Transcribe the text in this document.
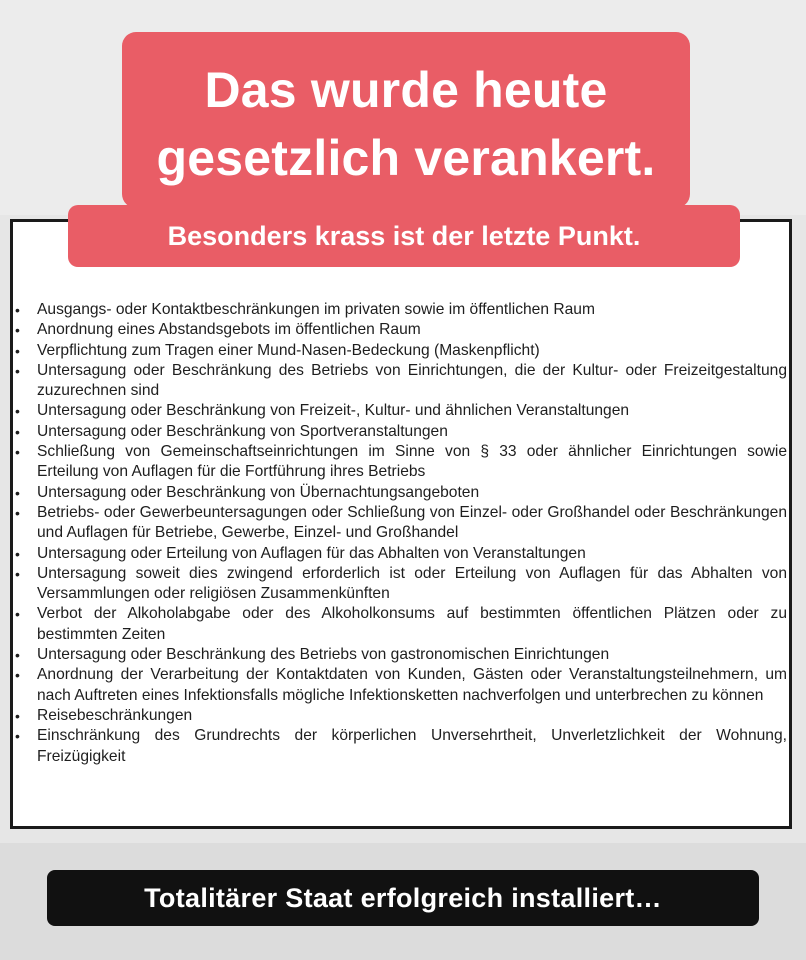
• Ausgangs- oder Kontaktbeschränkungen im privaten sowie im öffentlichen Raum
• Anordnung eines Abstandsgebots im öffentlichen Raum
• Verpflichtung zum Tragen einer Mund-Nasen-Bedeckung (Maskenpflicht)
• Untersagung oder Beschränkung des Betriebs von Einrichtungen, die der Kultur- oder Freizeitgestaltung zuzurechnen sind
• Untersagung oder Beschränkung von Freizeit-, Kultur- und ähnlichen Veranstaltungen
• Untersagung oder Beschränkung von Sportveranstaltungen
• Schließung von Gemeinschaftseinrichtungen im Sinne von § 33 oder ähnlicher Einrichtungen sowie Erteilung von Auflagen für die Fortführung ihres Betriebs
• Untersagung oder Beschränkung von Übernachtungsangeboten
• Betriebs- oder Gewerbeuntersagungen oder Schließung von Einzel- oder Großhandel oder Beschränkungen und Auflagen für Betriebe, Gewerbe, Einzel- und Großhandel
• Untersagung oder Erteilung von Auflagen für das Abhalten von Veranstaltungen
• Untersagung soweit dies zwingend erforderlich ist oder Erteilung von Auflagen für das Abhalten von Versammlungen oder religiösen Zusammenkünften
• Verbot der Alkoholabgabe oder des Alkoholkonsums auf bestimmten öffentlichen Plätzen oder zu bestimmten Zeiten
• Untersagung oder Beschränkung des Betriebs von gastronomischen Einrichtungen
• Anordnung der Verarbeitung der Kontaktdaten von Kunden, Gästen oder Veranstaltungsteilnehmern, um nach Auftreten eines Infektionsfalls mögliche Infektionsketten nachverfolgen und unterbrechen zu können
• Reisebeschränkungen
• Einschränkung des Grundrechts der körperlichen Unversehrtheit, Unverletzlichkeit der Wohnung, Freizügigkeit
Das wurde heute
gesetzlich verankert.
Besonders krass ist der letzte Punkt.
Totalitärer Staat erfolgreich installiert…
